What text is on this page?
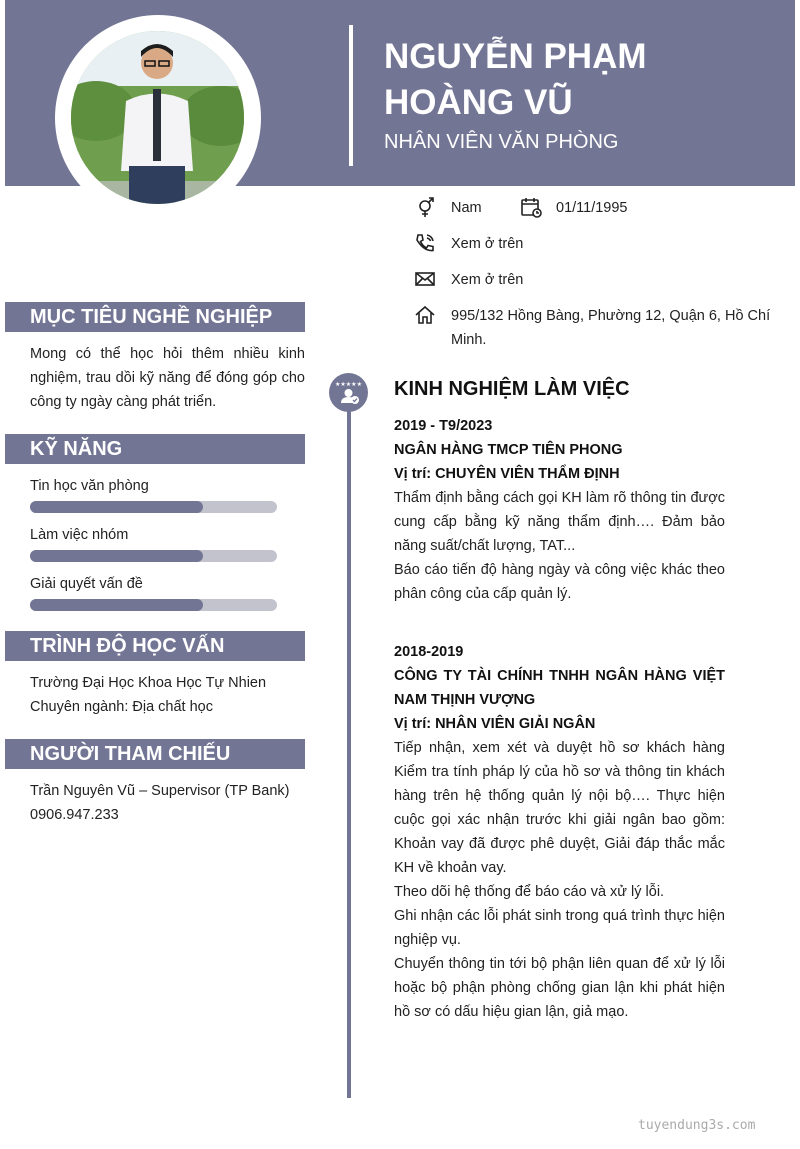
NGUYỄN PHẠM HOÀNG VŨ
NHÂN VIÊN VĂN PHÒNG
Nam	01/11/1995
Xem ở trên
Xem ở trên
995/132 Hồng Bàng, Phường 12, Quận 6, Hồ Chí Minh.
MỤC TIÊU NGHỀ NGHIỆP
Mong có thể học hỏi thêm nhiều kinh nghiệm, trau dồi kỹ năng để đóng góp cho công ty ngày càng phát triển.
KỸ NĂNG
Tin học văn phòng
Làm việc nhóm
Giải quyết vấn đề
TRÌNH ĐỘ HỌC VẤN
Trường Đại Học Khoa Học Tự Nhien
Chuyên ngành: Địa chất học
NGƯỜI THAM CHIẾU
Trần Nguyên Vũ – Supervisor (TP Bank)
0906.947.233
★★★★★ KINH NGHIỆM LÀM VIỆC

2019 - T9/2023

NGÂN HÀNG TMCP TIÊN PHONG

Vị trí: CHUYÊN VIÊN THẨM ĐỊNH

Thẩm định bằng cách gọi KH làm rõ thông tin được cung cấp bằng kỹ năng thẩm định…. Đảm bảo năng suất/chất lượng, TAT...

Báo cáo tiến độ hàng ngày và công việc khác theo phân công của cấp quản lý.

2018-2019

CÔNG TY TÀI CHÍNH TNHH NGÂN HÀNG VIỆT NAM THỊNH VƯỢNG

Vị trí: NHÂN VIÊN GIẢI NGÂN

Tiếp nhận, xem xét và duyệt hồ sơ khách hàng Kiểm tra tính pháp lý của hồ sơ và thông tin khách hàng trên hệ thống quản lý nội bộ…. Thực hiện cuộc gọi xác nhận trước khi giải ngân bao gồm: Khoản vay đã được phê duyệt, Giải đáp thắc mắc KH về khoản vay.

Theo dõi hệ thống để báo cáo và xử lý lỗi.

Ghi nhận các lỗi phát sinh trong quá trình thực hiện nghiệp vụ.

Chuyển thông tin tới bộ phận liên quan để xử lý lỗi hoặc bộ phận phòng chống gian lận khi phát hiện hồ sơ có dấu hiệu gian lận, giả mạo.

tuyendung3s.com
